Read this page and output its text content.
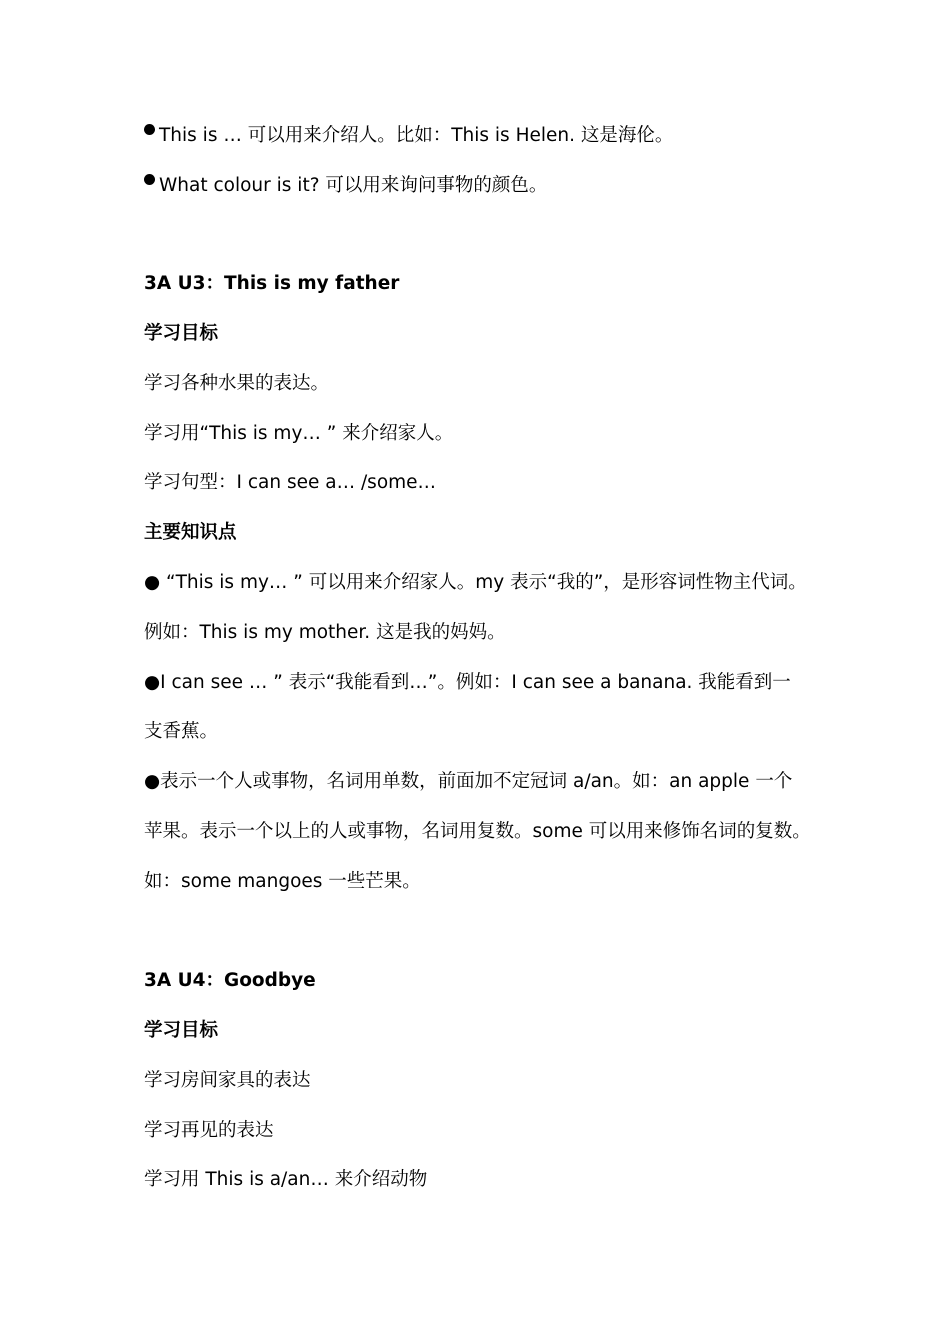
This is … 可以用来介绍人。比如：This is Helen. 这是海伦。
What colour is it? 可以用来询问事物的颜色。
3A U3：This is my father
学习目标
学习各种水果的表达。
学习用“This is my… ” 来介绍家人。
学习句型：I can see a… /some…
主要知识点
● “This is my… ” 可以用来介绍家人。my 表示“我的”，是形容词性物主代词。
例如：This is my mother. 这是我的妈妈。
●I can see … ” 表示“我能看到…”。例如：I can see a banana. 我能看到一
支香蕉。
●表示一个人或事物，名词用单数，前面加不定冠词 a/an。如：an apple 一个
苹果。表示一个以上的人或事物，名词用复数。some 可以用来修饰名词的复数。
如：some mangoes 一些芒果。
3A U4：Goodbye
学习目标
学习房间家具的表达
学习再见的表达
学习用 This is a/an… 来介绍动物
